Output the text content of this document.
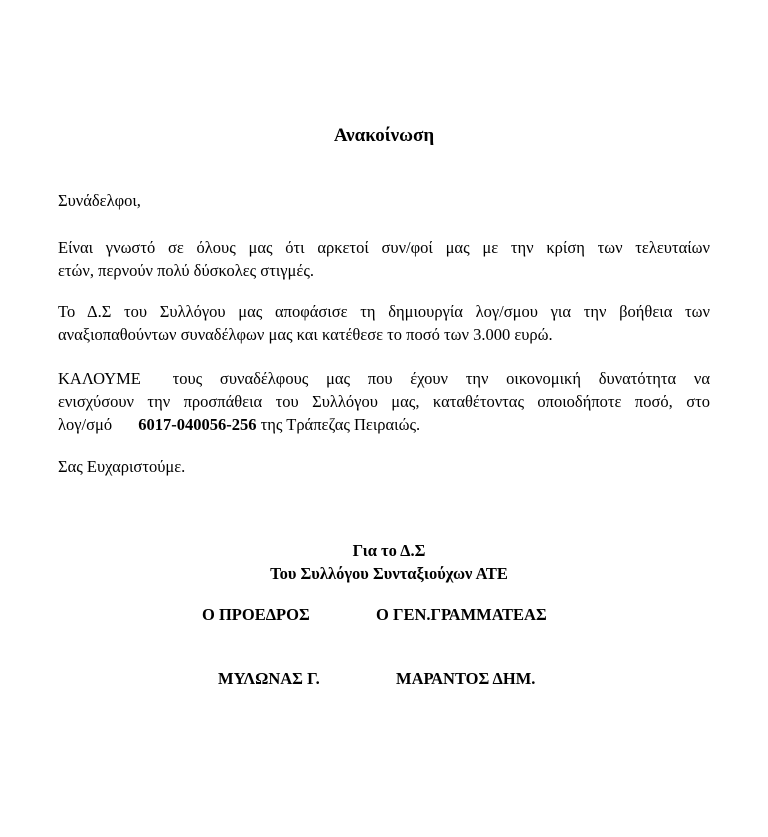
Ανακοίνωση
Συνάδελφοι,
Είναι γνωστό σε όλους μας ότι αρκετοί συν/φοί μας με την κρίση των τελευταίων
ετών, περνούν πολύ δύσκολες στιγμές.
Το Δ.Σ του Συλλόγου μας αποφάσισε τη δημιουργία λογ/σμου για την βοήθεια των
αναξιοπαθούντων συναδέλφων μας και κατέθεσε το ποσό των 3.000 ευρώ.
ΚΑΛΟΥΜΕ τους συναδέλφους μας που έχουν την οικονομική δυνατότητα να
ενισχύσουν την προσπάθεια του Συλλόγου μας, καταθέτοντας οποιοδήποτε ποσό, στο
λογ/σμό 6017-040056-256 της Τράπεζας Πειραιώς.
Σας Ευχαριστούμε.
Για το Δ.Σ
Του Συλλόγου Συνταξιούχων ΑΤΕ
Ο ΠΡΟΕΔΡΟΣ	Ο ΓΕΝ.ΓΡΑΜΜΑΤΕΑΣ
ΜΥΛΩΝΑΣ Γ.	ΜΑΡΑΝΤΟΣ ΔΗΜ.
